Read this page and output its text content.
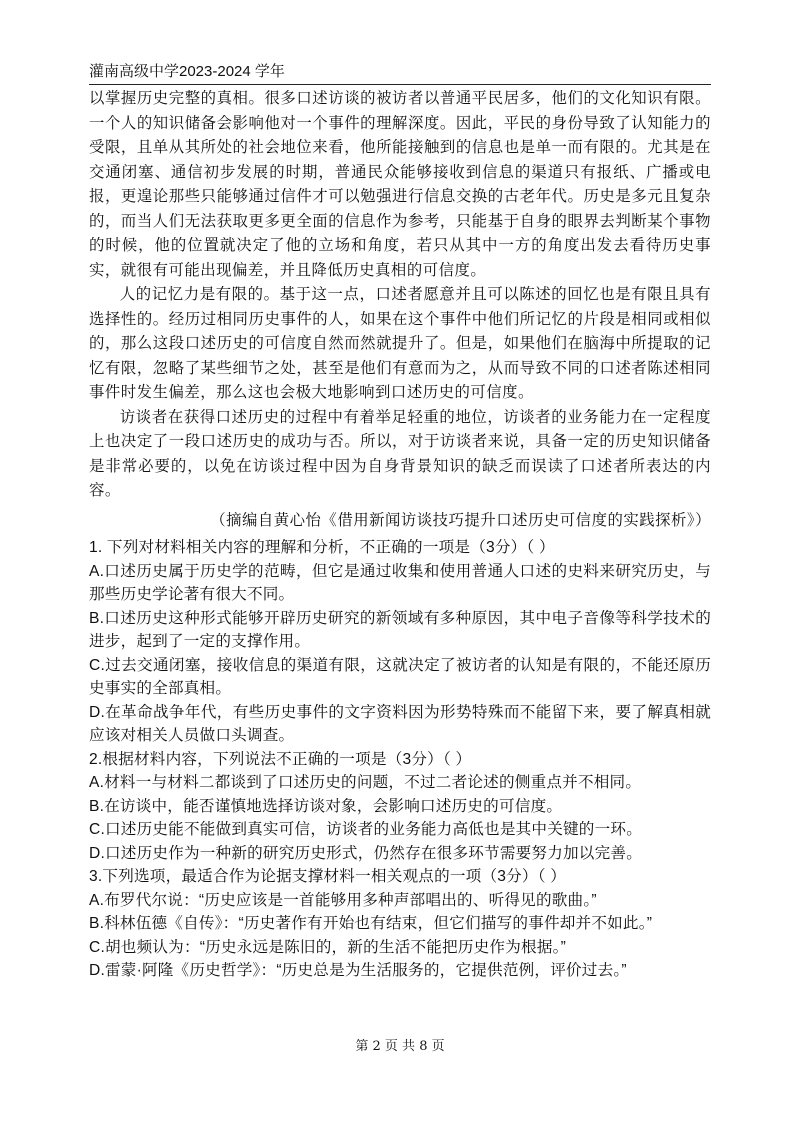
灌南高级中学2023-2024 学年

以掌握历史完整的真相。很多口述访谈的被访者以普通平民居多，他们的文化知识有限。一个人的知识储备会影响他对一个事件的理解深度。因此，平民的身份导致了认知能力的受限，且单从其所处的社会地位来看，他所能接触到的信息也是单一而有限的。尤其是在交通闭塞、通信初步发展的时期，普通民众能够接收到信息的渠道只有报纸、广播或电报，更遑论那些只能够通过信件才可以勉强进行信息交换的古老年代。历史是多元且复杂的，而当人们无法获取更多更全面的信息作为参考，只能基于自身的眼界去判断某个事物的时候，他的位置就决定了他的立场和角度，若只从其中一方的角度出发去看待历史事实，就很有可能出现偏差，并且降低历史真相的可信度。

人的记忆力是有限的。基于这一点，口述者愿意并且可以陈述的回忆也是有限且具有选择性的。经历过相同历史事件的人，如果在这个事件中他们所记忆的片段是相同或相似的，那么这段口述历史的可信度自然而然就提升了。但是，如果他们在脑海中所提取的记忆有限，忽略了某些细节之处，甚至是他们有意而为之，从而导致不同的口述者陈述相同事件时发生偏差，那么这也会极大地影响到口述历史的可信度。

访谈者在获得口述历史的过程中有着举足轻重的地位，访谈者的业务能力在一定程度上也决定了一段口述历史的成功与否。所以，对于访谈者来说，具备一定的历史知识储备是非常必要的，以免在访谈过程中因为自身背景知识的缺乏而误读了口述者所表达的内容。

（摘编自黄心怡《借用新闻访谈技巧提升口述历史可信度的实践探析》）

1. 下列对材料相关内容的理解和分析，不正确的一项是（3分）（ ）

A.口述历史属于历史学的范畴，但它是通过收集和使用普通人口述的史料来研究历史，与那些历史学论著有很大不同。

B.口述历史这种形式能够开辟历史研究的新领域有多种原因，其中电子音像等科学技术的进步，起到了一定的支撑作用。

C.过去交通闭塞，接收信息的渠道有限，这就决定了被访者的认知是有限的，不能还原历史事实的全部真相。

D.在革命战争年代，有些历史事件的文字资料因为形势特殊而不能留下来，要了解真相就应该对相关人员做口头调查。

2.根据材料内容，下列说法不正确的一项是（3分）（ ）

A.材料一与材料二都谈到了口述历史的问题，不过二者论述的侧重点并不相同。

B.在访谈中，能否谨慎地选择访谈对象，会影响口述历史的可信度。

C.口述历史能不能做到真实可信，访谈者的业务能力高低也是其中关键的一环。

D.口述历史作为一种新的研究历史形式，仍然存在很多环节需要努力加以完善。

3.下列选项，最适合作为论据支撑材料一相关观点的一项（3分）（ ）

A.布罗代尔说：“历史应该是一首能够用多种声部唱出的、听得见的歌曲。”

B.科林伍德《自传》：“历史著作有开始也有结束，但它们描写的事件却并不如此。”

C.胡也频认为：“历史永远是陈旧的，新的生活不能把历史作为根据。”

D.雷蒙·阿隆《历史哲学》：“历史总是为生活服务的，它提供范例，评价过去。”

第 2 页 共 8 页
